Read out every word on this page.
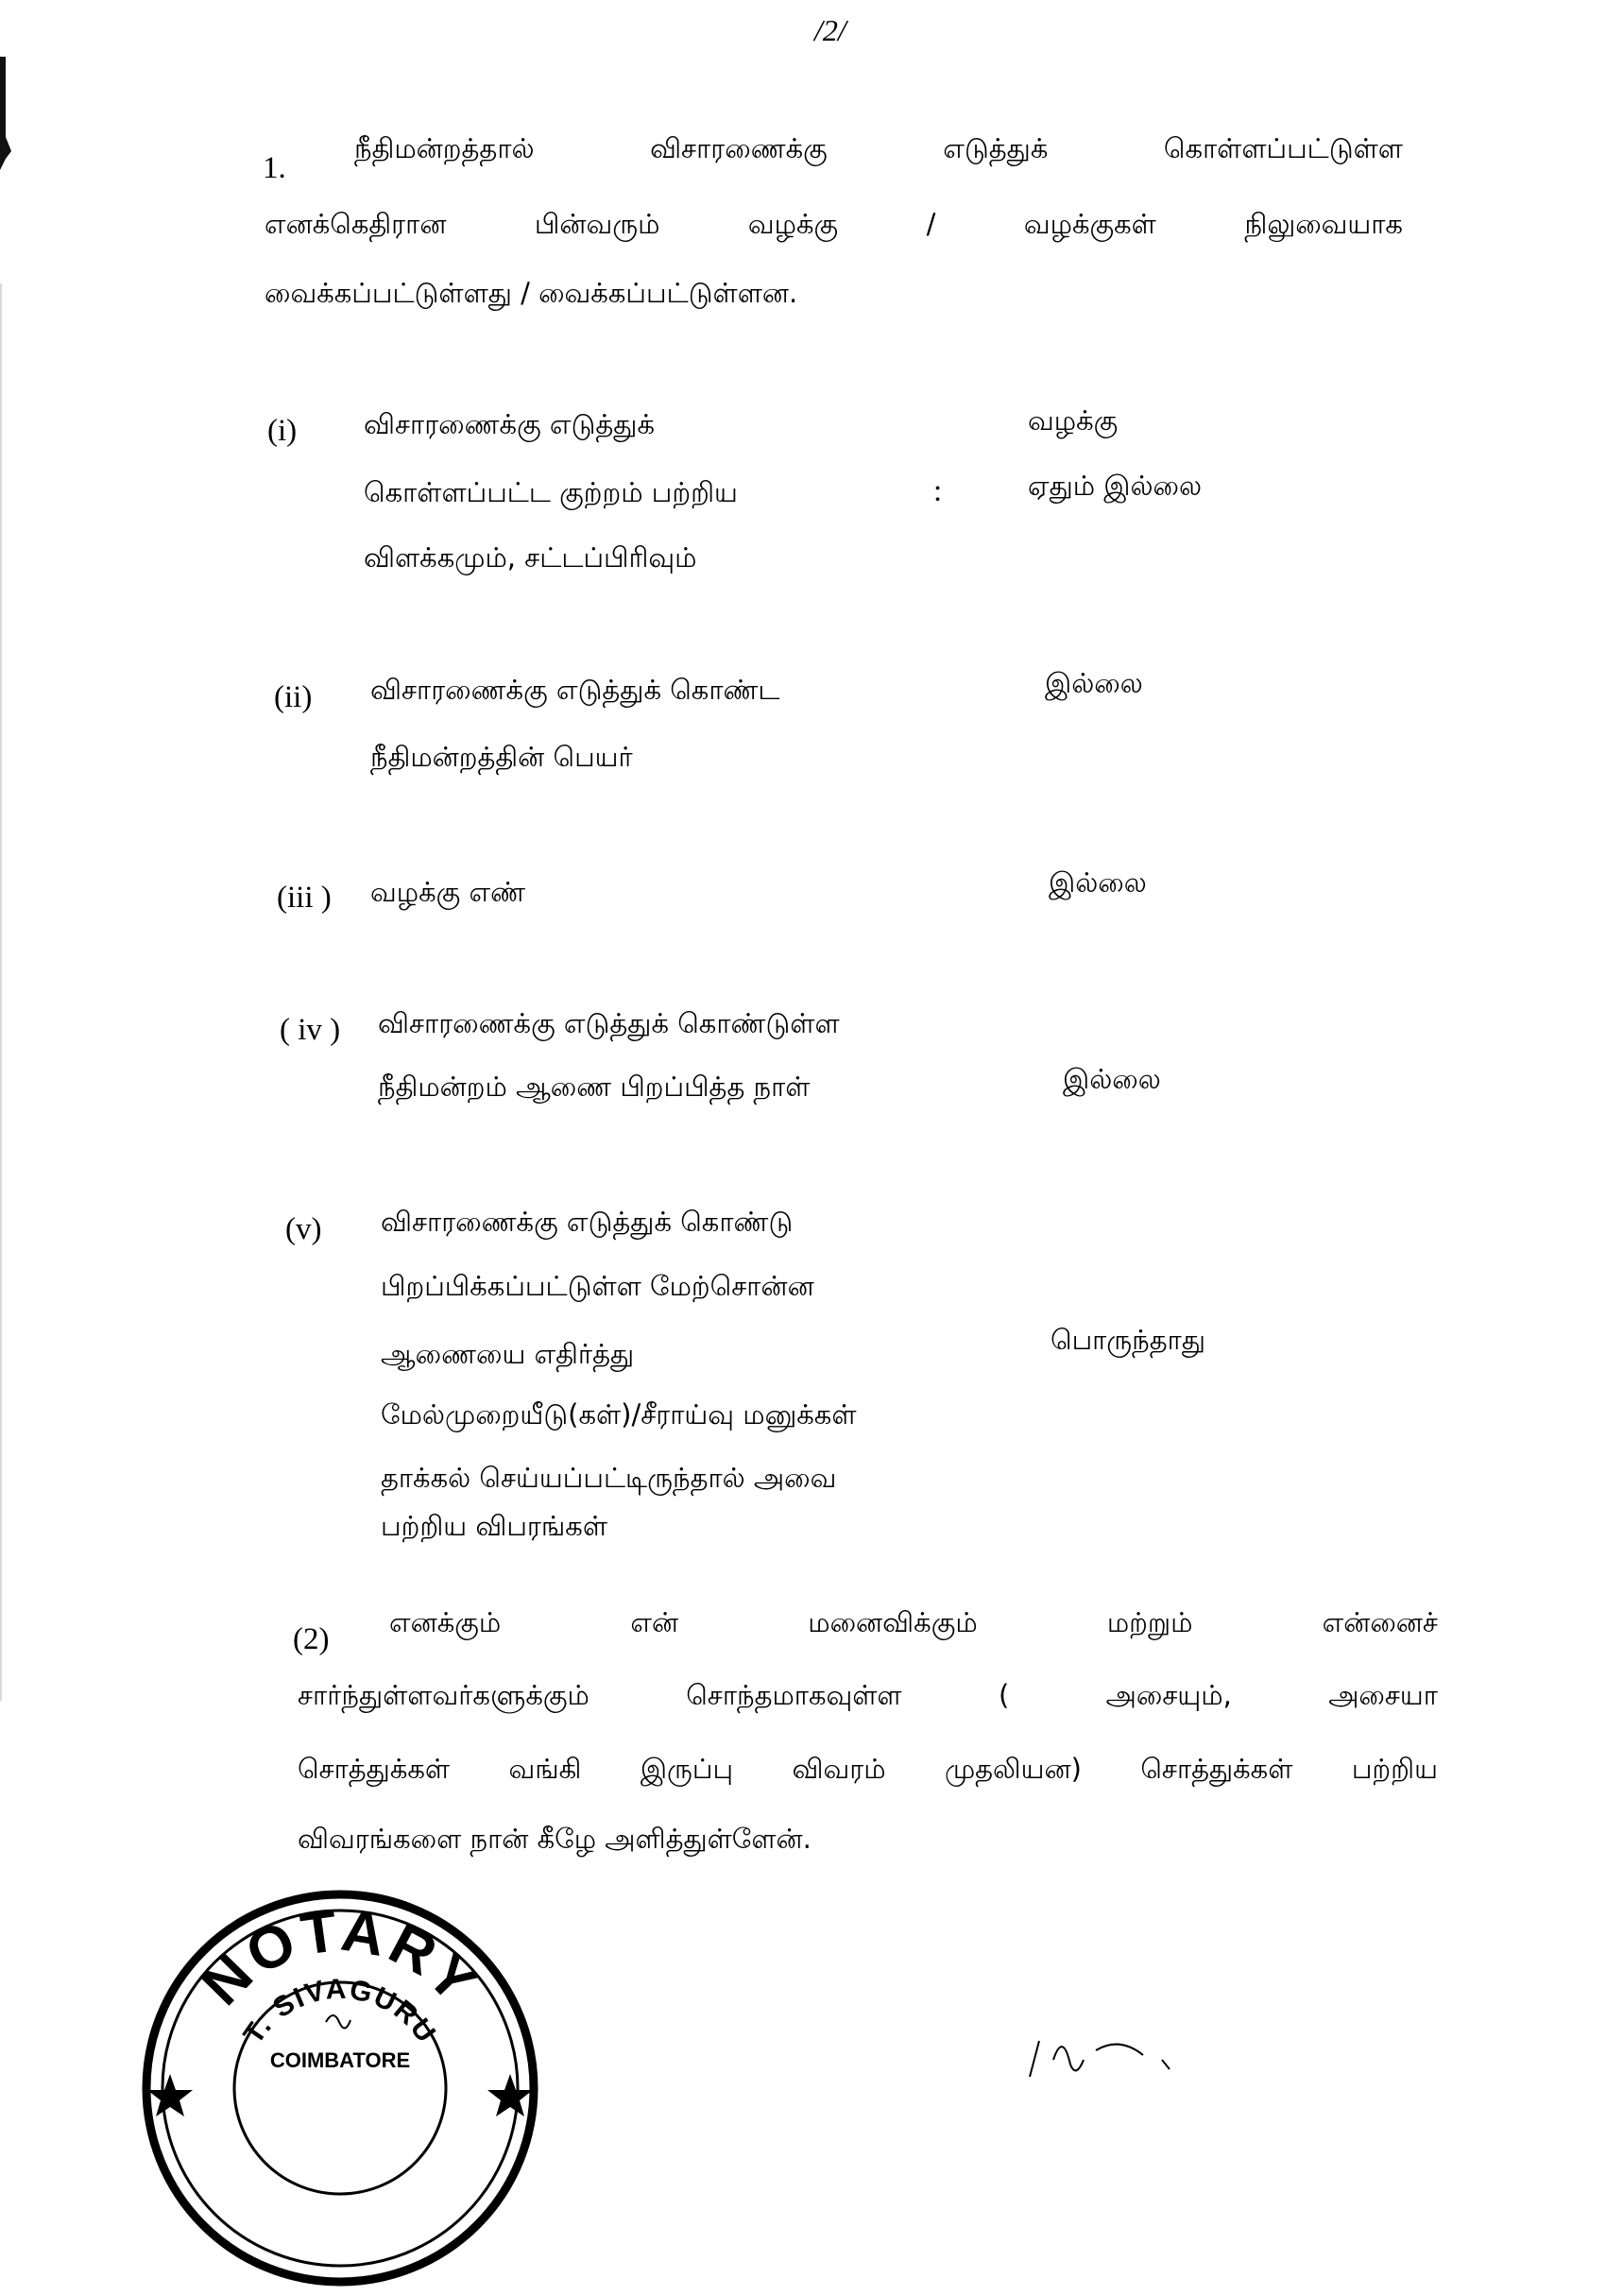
/2/
1.
நீதிமன்றத்தால்	விசாரணைக்கு	எடுத்துக்	கொள்ளப்பட்டுள்ள
எனக்கெதிரான	பின்வரும்	வழக்கு	/	வழக்குகள்	நிலுவையாக
வைக்கப்பட்டுள்ளது / வைக்கப்பட்டுள்ளன.
(i) விசாரணைக்கு எடுத்துக்
கொள்ளப்பட்ட குற்றம் பற்றிய
விளக்கமும், சட்டப்பிரிவும்
:
வழக்கு
ஏதும் இல்லை
(ii) விசாரணைக்கு எடுத்துக் கொண்ட
நீதிமன்றத்தின் பெயர்
இல்லை
(iii ) வழக்கு எண்	இல்லை
( iv ) விசாரணைக்கு எடுத்துக் கொண்டுள்ள
நீதிமன்றம் ஆணை பிறப்பித்த நாள்	இல்லை
(v) விசாரணைக்கு எடுத்துக் கொண்டு
பிறப்பிக்கப்பட்டுள்ள மேற்சொன்ன
ஆணையை எதிர்த்து
மேல்முறையீடு(கள்)/சீராய்வு மனுக்கள்
தாக்கல் செய்யப்பட்டிருந்தால் அவை
பற்றிய விபரங்கள்
பொருந்தாது
(2) எனக்கும்	என்	மனைவிக்கும்	மற்றும்	என்னைச்
சார்ந்துள்ளவர்களுக்கும்	சொந்தமாகவுள்ள	(	அசையும்,	அசையா
சொத்துக்கள் வங்கி இருப்பு விவரம் முதலியன) சொத்துக்கள் பற்றிய
விவரங்களை நான் கீழே அளித்துள்ளேன்.
NOTARY
T. SIVAGURU
COIMBATORE
